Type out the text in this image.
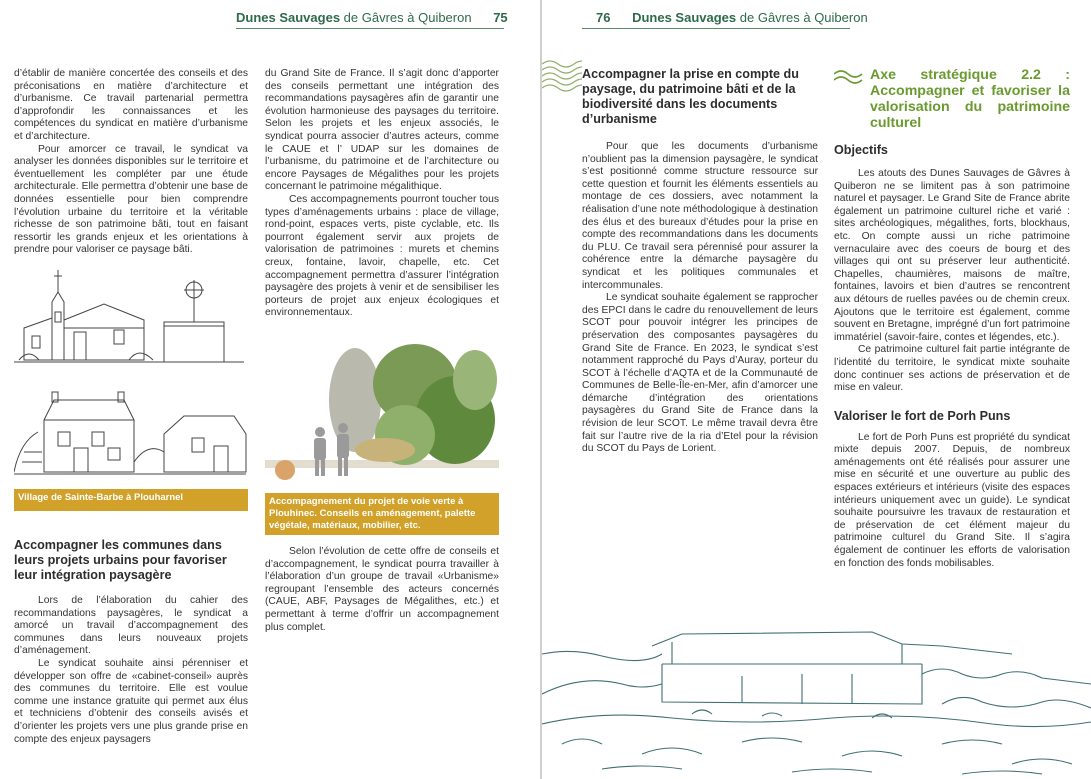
Dunes Sauvages de Gâvres à Quiberon 75

d’établir de manière concertée des conseils et des préconisations en matière d’architecture et d’urbanisme. Ce travail partenarial permettra d’approfondir les connaissances et les compétences du syndicat en matière d’urbanisme et d’architecture.

Pour amorcer ce travail, le syndicat va analyser les données disponibles sur le territoire et éventuellement les compléter par une étude architecturale. Elle permettra d’obtenir une base de données essentielle pour bien comprendre l’évolution urbaine du territoire et la véritable richesse de son patrimoine bâti, tout en faisant ressortir les grands enjeux et les orientations à prendre pour valoriser ce paysage bâti.

Village de Sainte-Barbe à Plouharnel
Accompagner les communes dans leurs projets urbains pour favoriser leur intégration paysagère

Lors de l’élaboration du cahier des recommandations paysagères, le syndicat a amorcé un travail d’accompagnement des communes dans leurs nouveaux projets d’aménagement.

Le syndicat souhaite ainsi pérenniser et développer son offre de «cabinet-conseil» auprès des communes du territoire. Elle est voulue comme une instance gratuite qui permet aux élus et techniciens d’obtenir des conseils avisés et d’orienter les projets vers une plus grande prise en compte des enjeux paysagers

du Grand Site de France. Il s’agit donc d’apporter des conseils permettant une intégration des recommandations paysagères afin de garantir une évolution harmonieuse des paysages du territoire. Selon les projets et les enjeux associés, le syndicat pourra associer d’autres acteurs, comme le CAUE et l’ UDAP sur les domaines de l’urbanisme, du patrimoine et de l’architecture ou encore Paysages de Mégalithes pour les projets concernant le patrimoine mégalithique.

Ces accompagnements pourront toucher tous types d’aménagements urbains : place de village, rond-point, espaces verts, piste cyclable, etc. Ils pourront également servir aux projets de valorisation de patrimoines : murets et chemins creux, fontaine, lavoir, chapelle, etc. Cet accompagnement permettra d’assurer l’intégration paysagère des projets à venir et de sensibiliser les porteurs de projet aux enjeux écologiques et environnementaux.

Accompagnement du projet de voie verte à Plouhinec. Conseils en aménagement, palette végétale, matériaux, mobilier, etc.

Selon l’évolution de cette offre de conseils et d’accompagnement, le syndicat pourra travailler à l’élaboration d’un groupe de travail «Urbanisme» regroupant l’ensemble des acteurs concernés (CAUE, ABF, Paysages de Mégalithes, etc.) et permettant à terme d’offrir un accompagnement plus complet.

76 Dunes Sauvages de Gâvres à Quiberon
Accompagner la prise en compte du paysage, du patrimoine bâti et de la biodiversité dans les documents d’urbanisme

Pour que les documents d’urbanisme n’oublient pas la dimension paysagère, le syndicat s’est positionné comme structure ressource sur cette question et fournit les éléments essentiels au montage de ces dossiers, avec notamment la réalisation d’une note méthodologique à destination des élus et des bureaux d’études pour la prise en compte des recommandations dans les documents du PLU. Ce travail sera pérennisé pour assurer la cohérence entre la démarche paysagère du syndicat et les politiques communales et intercommunales.

Le syndicat souhaite également se rapprocher des EPCI dans le cadre du renouvellement de leurs SCOT pour pouvoir intégrer les principes de préservation des composantes paysagères du Grand Site de France. En 2023, le syndicat s’est notamment rapproché du Pays d’Auray, porteur du SCOT à l’échelle d’AQTA et de la Communauté de Communes de Belle-Île-en-Mer, afin d’amorcer une démarche d’intégration des orientations paysagères du Grand Site de France dans la révision de leur SCOT. Le même travail devra être fait sur l’autre rive de la ria d’Etel pour la révision du SCOT du Pays de Lorient.

Axe stratégique 2.2 : Accompagner et favoriser la valorisation du patrimoine culturel
Objectifs

Les atouts des Dunes Sauvages de Gâvres à Quiberon ne se limitent pas à son patrimoine naturel et paysager. Le Grand Site de France abrite également un patrimoine culturel riche et varié : sites archéologiques, mégalithes, forts, blockhaus, etc. On compte aussi un riche patrimoine vernaculaire avec des coeurs de bourg et des villages qui ont su préserver leur authenticité. Chapelles, chaumières, maisons de maître, fontaines, lavoirs et bien d’autres se rencontrent aux détours de ruelles pavées ou de chemin creux. Ajoutons que le territoire est également, comme souvent en Bretagne, imprégné d’un fort patrimoine immatériel (savoir-faire, contes et légendes, etc.).

Ce patrimoine culturel fait partie intégrante de l’identité du territoire, le syndicat mixte souhaite donc continuer ses actions de préservation et de mise en valeur.

Valoriser le fort de Porh Puns

Le fort de Porh Puns est propriété du syndicat mixte depuis 2007. Depuis, de nombreux aménagements ont été réalisés pour assurer une mise en sécurité et une ouverture au public des espaces extérieurs et intérieurs (visite des espaces intérieurs uniquement avec un guide). Le syndicat souhaite poursuivre les travaux de restauration et de préservation de cet élément majeur du patrimoine culturel du Grand Site. Il s’agira également de continuer les efforts de valorisation en fonction des fonds mobilisables.
